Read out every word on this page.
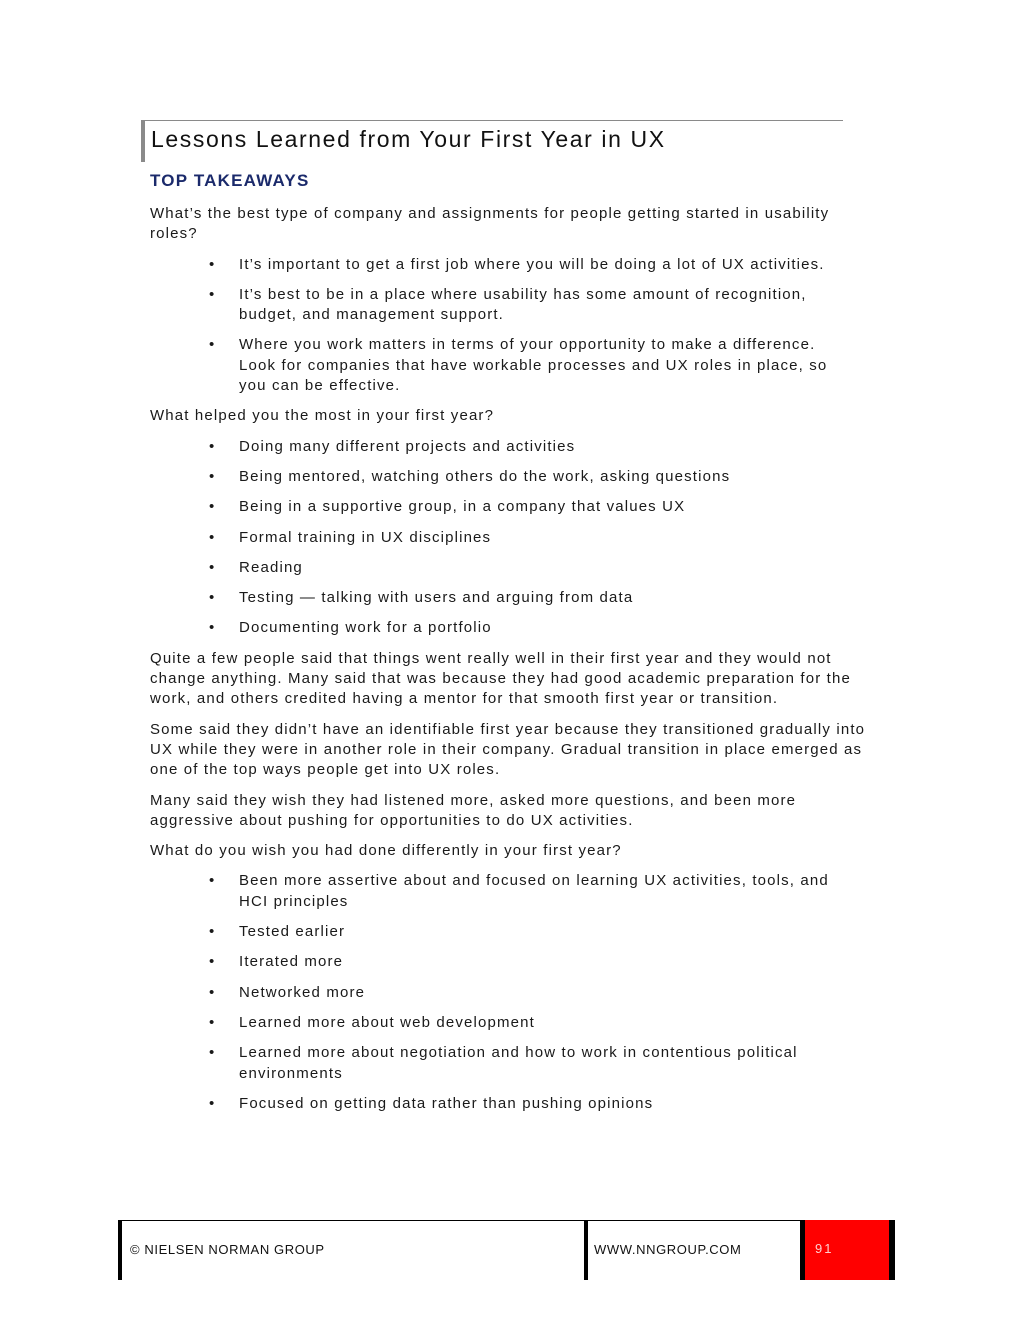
Lessons Learned from Your First Year in UX
TOP TAKEAWAYS

What’s the best type of company and assignments for people getting started in usability roles?

• It’s important to get a first job where you will be doing a lot of UX activities.
• It’s best to be in a place where usability has some amount of recognition, budget, and management support.
• Where you work matters in terms of your opportunity to make a difference. Look for companies that have workable processes and UX roles in place, so you can be effective.

What helped you the most in your first year?

• Doing many different projects and activities
• Being mentored, watching others do the work, asking questions
• Being in a supportive group, in a company that values UX
• Formal training in UX disciplines
• Reading
• Testing — talking with users and arguing from data
• Documenting work for a portfolio

Quite a few people said that things went really well in their first year and they would not change anything. Many said that was because they had good academic preparation for the work, and others credited having a mentor for that smooth first year or transition.

Some said they didn’t have an identifiable first year because they transitioned gradually into UX while they were in another role in their company. Gradual transition in place emerged as one of the top ways people get into UX roles.

Many said they wish they had listened more, asked more questions, and been more aggressive about pushing for opportunities to do UX activities.

What do you wish you had done differently in your first year?

• Been more assertive about and focused on learning UX activities, tools, and HCI principles
• Tested earlier
• Iterated more
• Networked more
• Learned more about web development
• Learned more about negotiation and how to work in contentious political environments
• Focused on getting data rather than pushing opinions
© NIELSEN NORMAN GROUP	WWW.NNGROUP.COM	91
